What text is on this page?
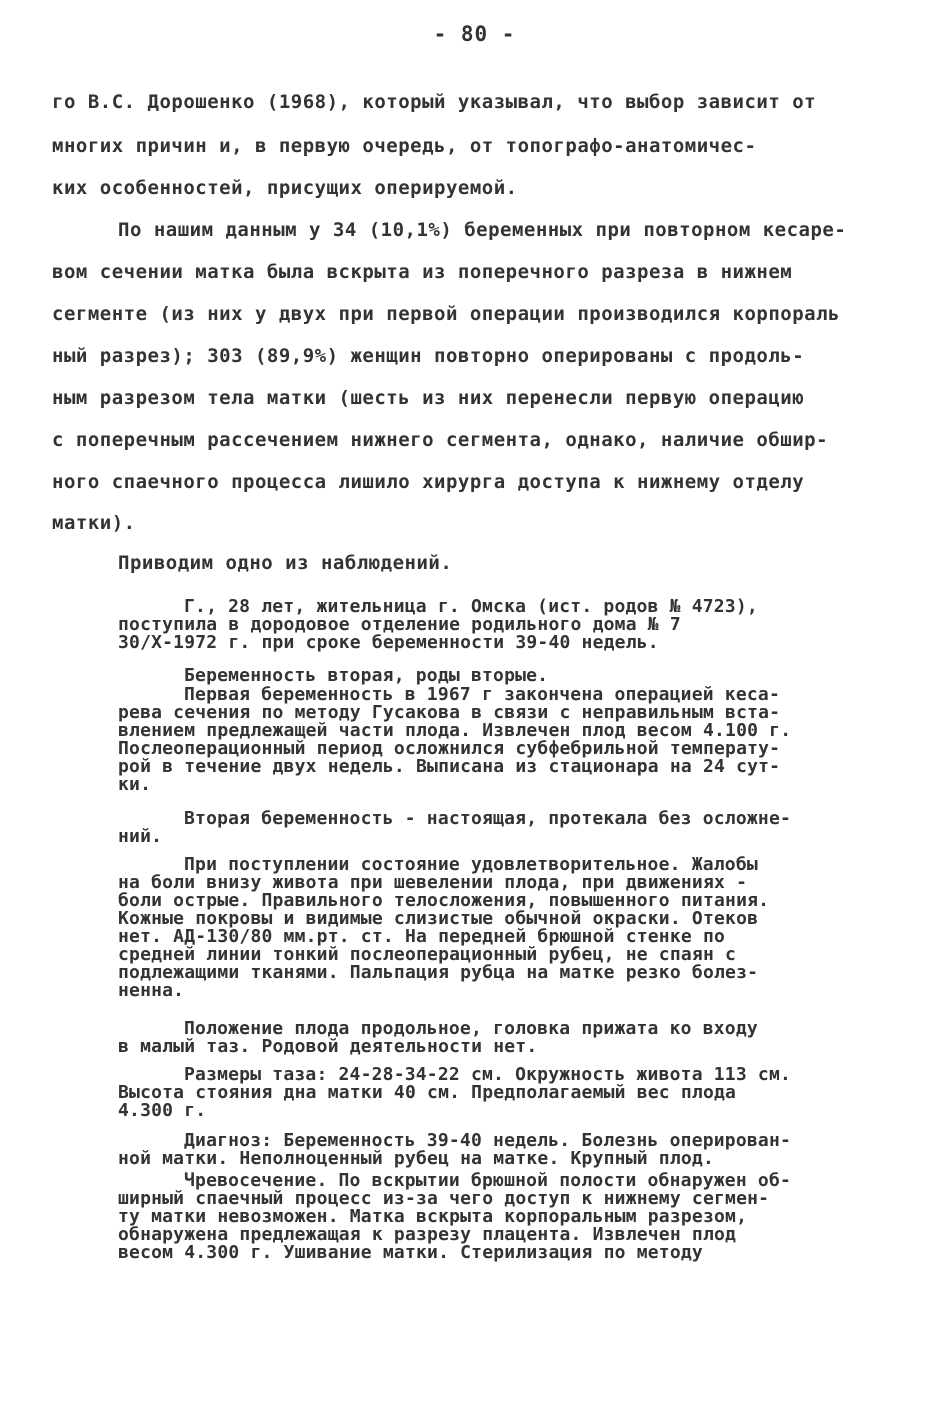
- 80 -
го В.С. Дорошенко (1968), который указывал, что выбор зависит от
многих причин и, в первую очередь, от топографо-анатомичес-
ких особенностей, присущих оперируемой.
По нашим данным у 34 (10,1%) беременных при повторном кесаре-
вом сечении матка была вскрыта из поперечного разреза в нижнем
сегменте (из них у двух при первой операции производился корпораль
ный разрез); 303 (89,9%) женщин повторно оперированы с продоль-
ным разрезом тела матки (шесть из них перенесли первую операцию
с поперечным рассечением нижнего сегмента, однако, наличие обшир-
ного спаечного процесса лишило хирурга доступа к нижнему отделу
матки).
Приводим одно из наблюдений.
Г., 28 лет, жительница г. Омска (ист. родов № 4723),
поступила в дородовое отделение родильного дома № 7
30/X-1972 г. при сроке беременности 39-40 недель.
Беременность вторая, роды вторые.
Первая беременность в 1967 г закончена операцией кеса-
рева сечения по методу Гусакова в связи с неправильным вста-
влением предлежащей части плода. Извлечен плод весом 4.100 г.
Послеоперационный период осложнился субфебрильной температу-
рой в течение двух недель. Выписана из стационара на 24 сут-
ки.
Вторая беременность - настоящая, протекала без осложне-
ний.
При поступлении состояние удовлетворительное. Жалобы
на боли внизу живота при шевелении плода, при движениях -
боли острые. Правильного телосложения, повышенного питания.
Кожные покровы и видимые слизистые обычной окраски. Отеков
нет. АД-130/80 мм.рт. ст. На передней брюшной стенке по
средней линии тонкий послеоперационный рубец, не спаян с
подлежащими тканями. Пальпация рубца на матке резко болез-
ненна.
Положение плода продольное, головка прижата ко входу
в малый таз. Родовой деятельности нет.
Размеры таза: 24-28-34-22 см. Окружность живота 113 см.
Высота стояния дна матки 40 см. Предполагаемый вес плода
4.300 г.
Диагноз: Беременность 39-40 недель. Болезнь оперирован-
ной матки. Неполноценный рубец на матке. Крупный плод.
Чревосечение. По вскрытии брюшной полости обнаружен об-
ширный спаечный процесс из-за чего доступ к нижнему сегмен-
ту матки невозможен. Матка вскрыта корпоральным разрезом,
обнаружена предлежащая к разрезу плацента. Извлечен плод
весом 4.300 г. Ушивание матки. Стерилизация по методу
